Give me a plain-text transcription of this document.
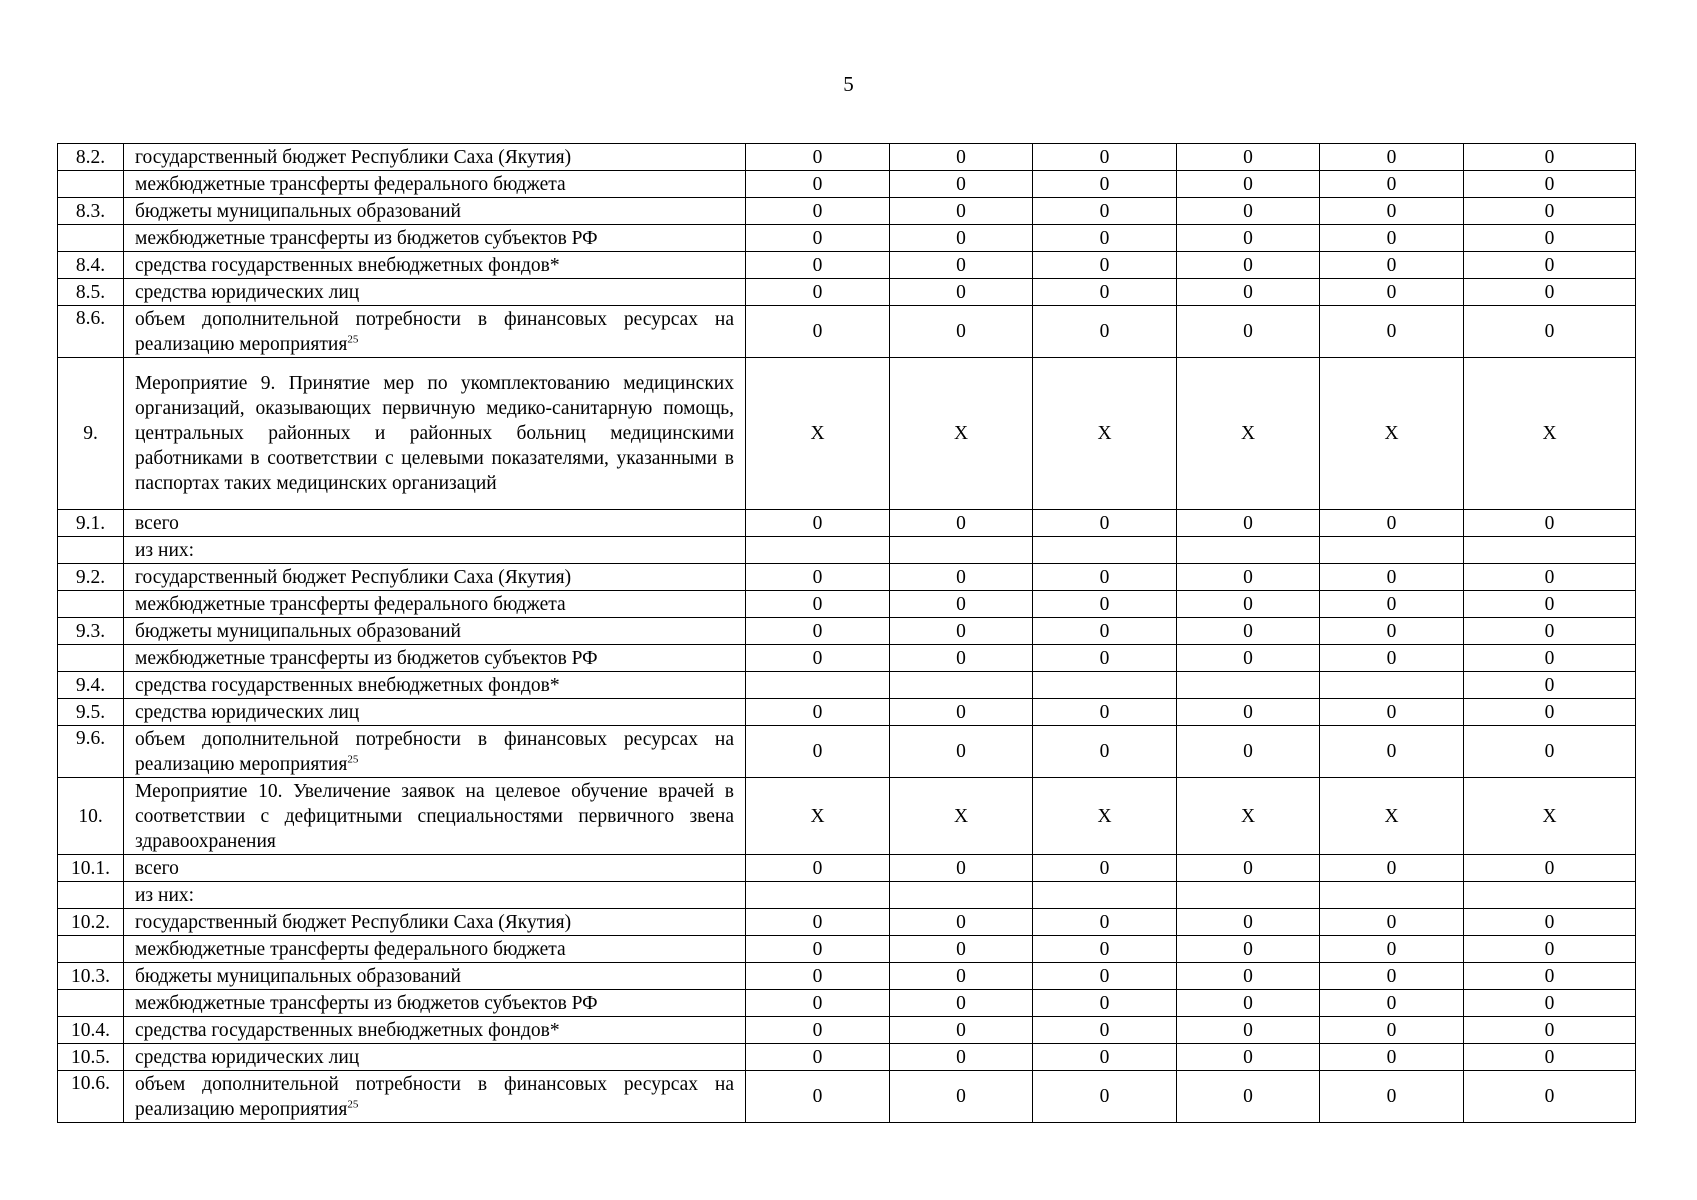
5
8.2.	государственный бюджет Республики Саха (Якутия)	0	0	0	0	0	0
	межбюджетные трансферты федерального бюджета	0	0	0	0	0	0
8.3.	бюджеты муниципальных образований	0	0	0	0	0	0
	межбюджетные трансферты из бюджетов субъектов РФ	0	0	0	0	0	0
8.4.	средства государственных внебюджетных фондов*	0	0	0	0	0	0
8.5.	средства юридических лиц	0	0	0	0	0	0
8.6.	объем дополнительной потребности в финансовых ресурсах на реализацию мероприятия$^{25}$	0	0	0	0	0	0
9.	Мероприятие 9. Принятие мер по укомплектованию медицинских организаций, оказывающих первичную медико-санитарную помощь, центральных районных и районных больниц медицинскими работниками в соответствии с целевыми показателями, указанными в паспортах таких медицинских организаций	Х	Х	Х	Х	Х	Х
9.1.	всего	0	0	0	0	0	0
	из них:						
9.2.	государственный бюджет Республики Саха (Якутия)	0	0	0	0	0	0
	межбюджетные трансферты федерального бюджета	0	0	0	0	0	0
9.3.	бюджеты муниципальных образований	0	0	0	0	0	0
	межбюджетные трансферты из бюджетов субъектов РФ	0	0	0	0	0	0
9.4.	средства государственных внебюджетных фондов*						0
9.5.	средства юридических лиц	0	0	0	0	0	0
9.6.	объем дополнительной потребности в финансовых ресурсах на реализацию мероприятия$^{25}$	0	0	0	0	0	0
10.	Мероприятие 10. Увеличение заявок на целевое обучение врачей в соответствии с дефицитными специальностями первичного звена здравоохранения	Х	Х	Х	Х	Х	Х
10.1.	всего	0	0	0	0	0	0
	из них:						
10.2.	государственный бюджет Республики Саха (Якутия)	0	0	0	0	0	0
	межбюджетные трансферты федерального бюджета	0	0	0	0	0	0
10.3.	бюджеты муниципальных образований	0	0	0	0	0	0
	межбюджетные трансферты из бюджетов субъектов РФ	0	0	0	0	0	0
10.4.	средства государственных внебюджетных фондов*	0	0	0	0	0	0
10.5.	средства юридических лиц	0	0	0	0	0	0
10.6.	объем дополнительной потребности в финансовых ресурсах на реализацию мероприятия$^{25}$	0	0	0	0	0	0
